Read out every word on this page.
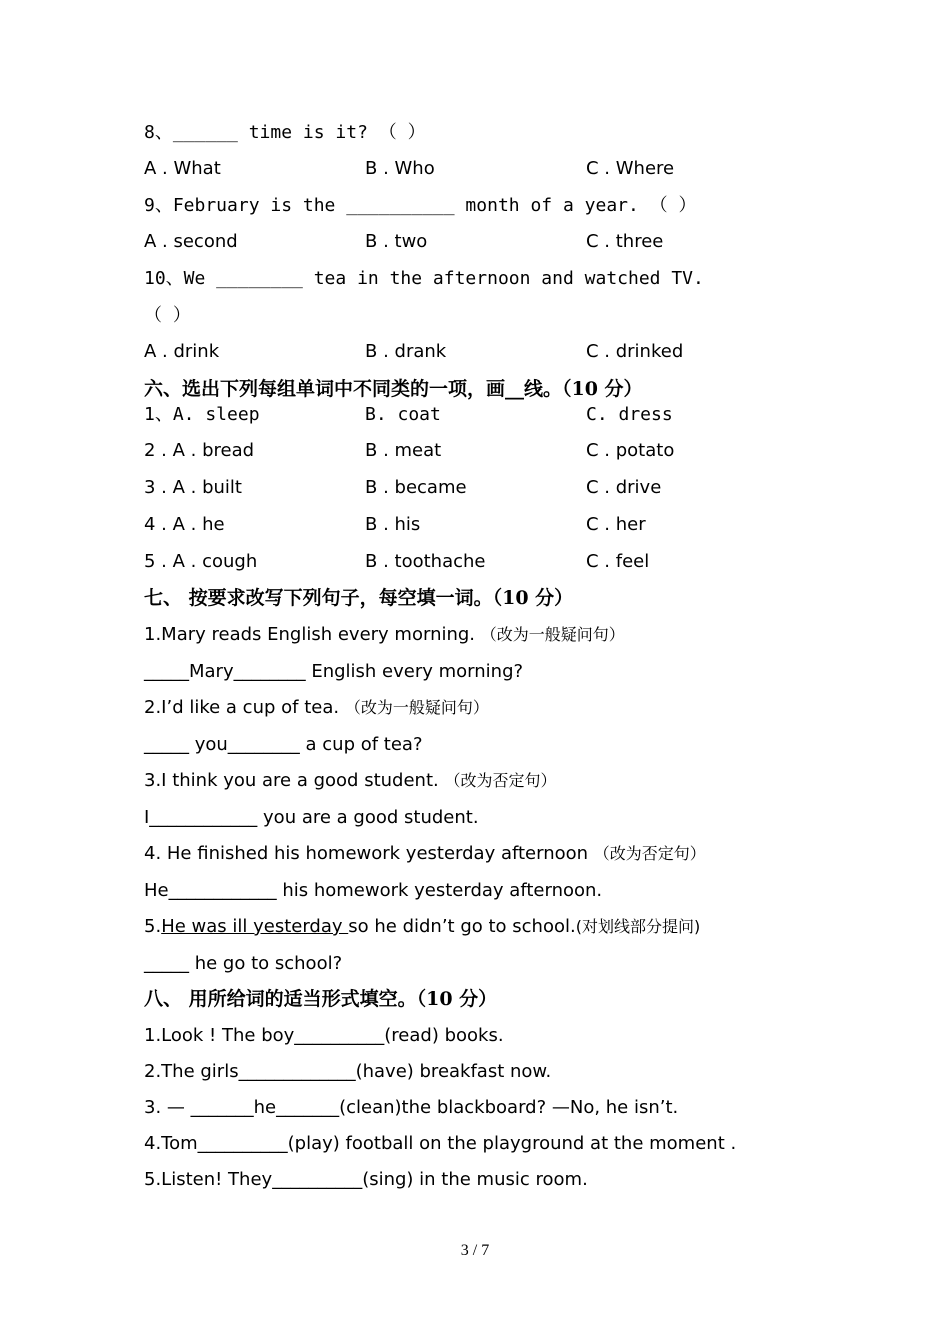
8、______ time is it? （ ）
A . What	B . Who	C . Where
9、February is the __________ month of a year. （ ）
A . second	B . two	C . three
10、We ________ tea in the afternoon and watched TV.
（ ）
A . drink	B . drank	C . drinked
六、选出下列每组单词中不同类的一项，画__线。（10 分）
1、A. sleep	B. coat	C. dress
2 . A . bread	B . meat	C . potato
3 . A . built	B . became	C . drive
4 . A . he	B . his	C . her
5 . A . cough	B . toothache	C . feel
七、 按要求改写下列句子，每空填一词。（10 分）
1.Mary reads English every morning. （改为一般疑问句）
_____Mary________ English every morning?
2.I’d like a cup of tea. （改为一般疑问句）
_____ you________ a cup of tea?
3.I think you are a good student. （改为否定句）
I____________ you are a good student.
4. He finished his homework yesterday afternoon （改为否定句）
He____________ his homework yesterday afternoon.
5.He was ill yesterday so he didn’t go to school.(对划线部分提问)
_____ he go to school?
八、 用所给词的适当形式填空。（10 分）
1.Look ! The boy__________(read) books.
2.The girls_____________(have) breakfast now.
3. — _______he_______(clean)the blackboard? —No, he isn’t.
4.Tom__________(play) football on the playground at the moment .
5.Listen! They__________(sing) in the music room.
3 / 7
